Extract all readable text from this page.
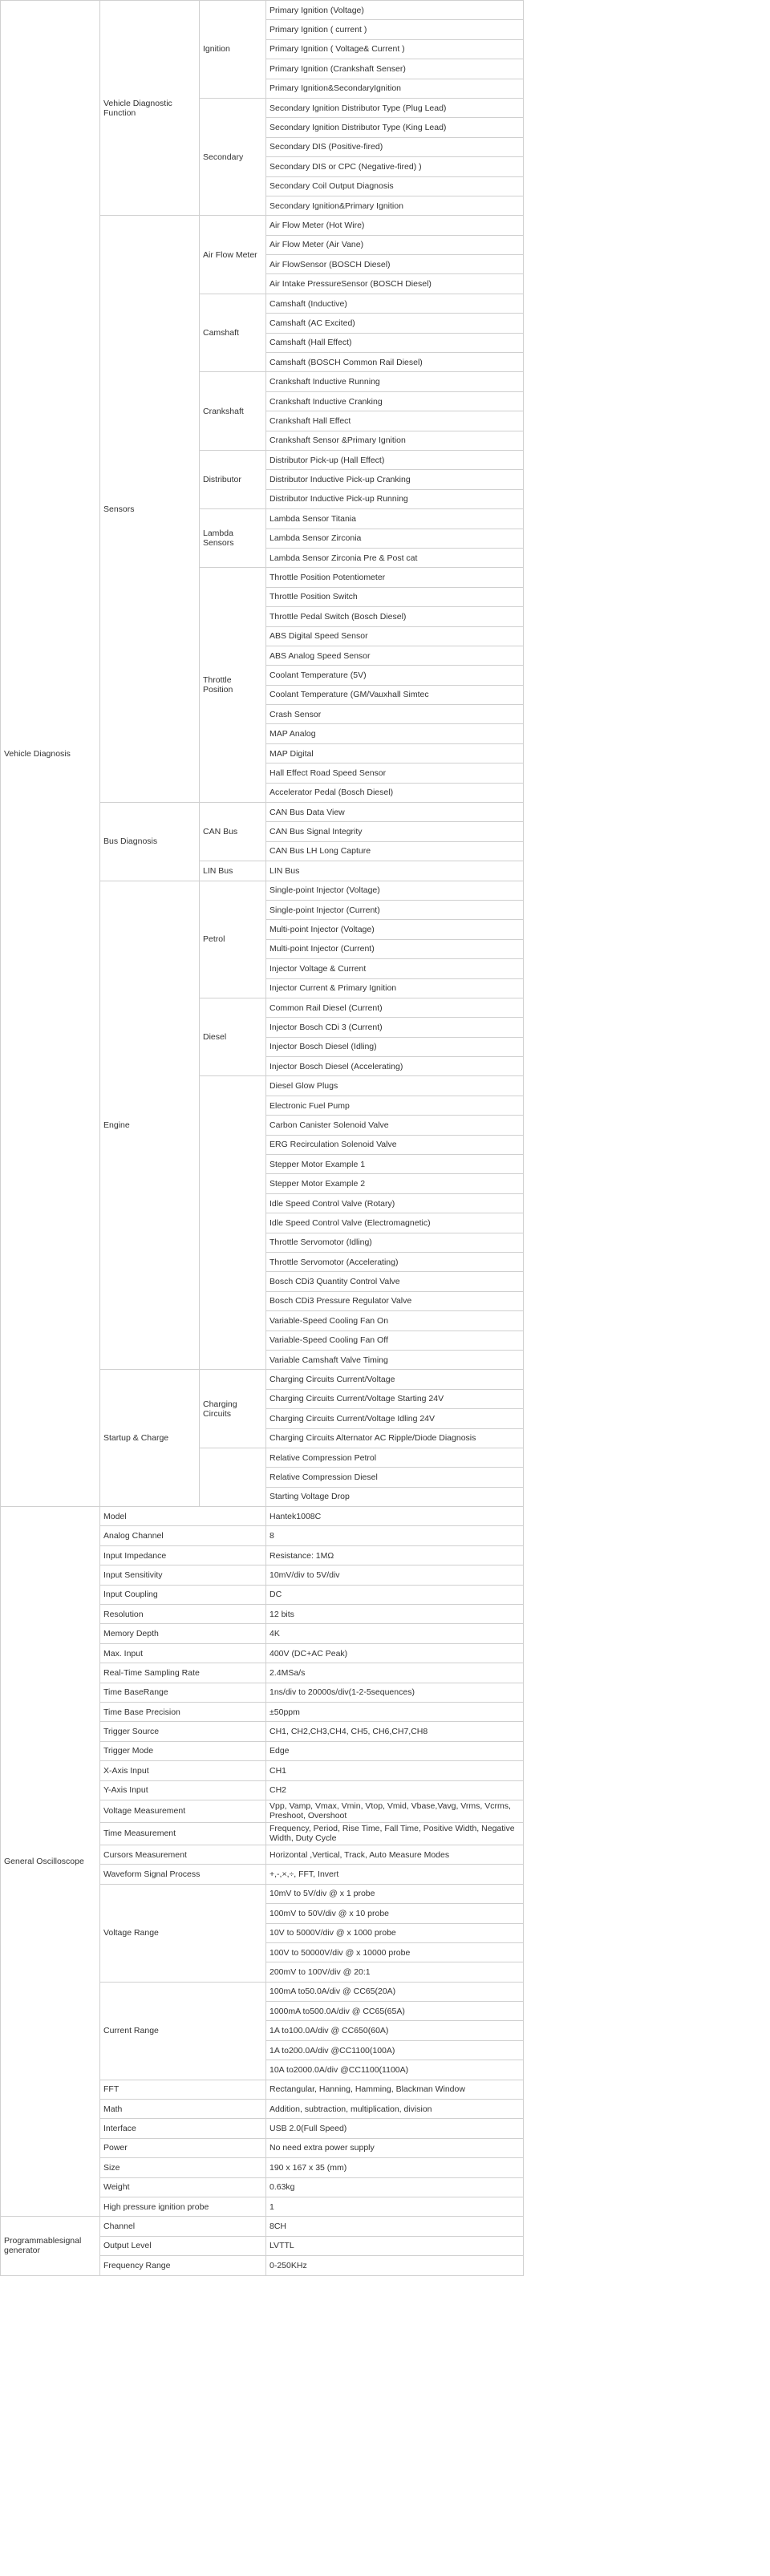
Vehicle Diagnosis	Vehicle Diagnostic Function	Ignition	Primary Ignition (Voltage)
			Primary Ignition ( current )
			Primary Ignition ( Voltage& Current )
			Primary Ignition (Crankshaft Senser)
			Primary Ignition&SecondaryIgnition
		Secondary	Secondary Ignition Distributor Type (Plug Lead)
			Secondary Ignition Distributor Type (King Lead)
			Secondary DIS (Positive-fired)
			Secondary DIS or CPC (Negative-fired) )
			Secondary Coil Output Diagnosis
			Secondary Ignition&Primary Ignition
	Sensors	Air Flow Meter	Air Flow Meter (Hot Wire)
			Air Flow Meter (Air Vane)
			Air FlowSensor (BOSCH Diesel)
			Air Intake PressureSensor (BOSCH Diesel)
		Camshaft	Camshaft (Inductive)
			Camshaft (AC Excited)
			Camshaft (Hall Effect)
			Camshaft (BOSCH Common Rail Diesel)
		Crankshaft	Crankshaft Inductive Running
			Crankshaft Inductive Cranking
			Crankshaft Hall Effect
			Crankshaft Sensor &Primary Ignition
		Distributor	Distributor Pick-up (Hall Effect)
			Distributor Inductive Pick-up Cranking
			Distributor Inductive Pick-up Running
		Lambda Sensors	Lambda Sensor Titania
			Lambda Sensor Zirconia
			Lambda Sensor Zirconia Pre & Post cat
		Throttle Position	Throttle Position Potentiometer
			Throttle Position Switch
			Throttle Pedal Switch (Bosch Diesel)
			ABS Digital Speed Sensor
			ABS Analog Speed Sensor
			Coolant Temperature (5V)
			Coolant Temperature (GM/Vauxhall Simtec
			Crash Sensor
			MAP Analog
			MAP Digital
			Hall Effect Road Speed Sensor
			Accelerator Pedal (Bosch Diesel)
	Bus Diagnosis	CAN Bus	CAN Bus Data View
			CAN Bus Signal Integrity
			CAN Bus LH Long Capture
		LIN Bus	LIN Bus
	Engine	Petrol	Single-point Injector (Voltage)
			Single-point Injector (Current)
			Multi-point Injector (Voltage)
			Multi-point Injector (Current)
			Injector Voltage & Current
			Injector Current & Primary Ignition
		Diesel	Common Rail Diesel (Current)
			Injector Bosch CDi 3 (Current)
			Injector Bosch Diesel (Idling)
			Injector Bosch Diesel (Accelerating)
			Diesel Glow Plugs
			Electronic Fuel Pump
			Carbon Canister Solenoid Valve
			ERG Recirculation Solenoid Valve
			Stepper Motor Example 1
			Stepper Motor Example 2
			Idle Speed Control Valve (Rotary)
			Idle Speed Control Valve (Electromagnetic)
			Throttle Servomotor (Idling)
			Throttle Servomotor (Accelerating)
			Bosch CDi3 Quantity Control Valve
			Bosch CDi3 Pressure Regulator Valve
			Variable-Speed Cooling Fan On
			Variable-Speed Cooling Fan Off
			Variable Camshaft Valve Timing
	Startup & Charge	Charging Circuits	Charging Circuits Current/Voltage
			Charging Circuits Current/Voltage Starting 24V
			Charging Circuits Current/Voltage Idling 24V
			Charging Circuits Alternator AC Ripple/Diode Diagnosis
			Relative Compression Petrol
			Relative Compression Diesel
			Starting Voltage Drop
General Oscilloscope	Model		Hantek1008C
	Analog Channel		8
	Input Impedance		Resistance: 1MΩ
	Input Sensitivity		10mV/div to 5V/div
	Input Coupling		DC
	Resolution		12 bits
	Memory Depth		4K
	Max. Input		400V (DC+AC Peak)
	Real-Time Sampling Rate		2.4MSa/s
	Time BaseRange		1ns/div to 20000s/div(1-2-5sequences)
	Time Base Precision		±50ppm
	Trigger Source		CH1, CH2,CH3,CH4, CH5, CH6,CH7,CH8
	Trigger Mode		Edge
	X-Axis Input		CH1
	Y-Axis Input		CH2
	Voltage Measurement		Vpp, Vamp, Vmax, Vmin, Vtop, Vmid, Vbase,Vavg, Vrms, Vcrms, Preshoot, Overshoot
	Time Measurement		Frequency, Period, Rise Time, Fall Time, Positive Width, Negative Width, Duty Cycle
	Cursors Measurement		Horizontal ,Vertical, Track, Auto Measure Modes
	Waveform Signal Process		+,-,×,÷, FFT, Invert
	Voltage Range		10mV to 5V/div @ x 1 probe
			100mV to 50V/div @ x 10 probe
			10V to 5000V/div @ x 1000 probe
			100V to 50000V/div @ x 10000 probe
			200mV to 100V/div @ 20:1
	Current Range		100mA to50.0A/div @ CC65(20A)
			1000mA to500.0A/div @ CC65(65A)
			1A to100.0A/div @ CC650(60A)
			1A to200.0A/div @CC1100(100A)
			10A to2000.0A/div @CC1100(1100A)
	FFT		Rectangular, Hanning, Hamming, Blackman Window
	Math		Addition, subtraction, multiplication, division
	Interface		USB 2.0(Full Speed)
	Power		No need extra power supply
	Size		190 x 167 x 35 (mm)
	Weight		0.63kg
	High pressure ignition probe		1
Programmablesignal generator	Channel		8CH
	Output Level		LVTTL
	Frequency Range		0-250KHz
